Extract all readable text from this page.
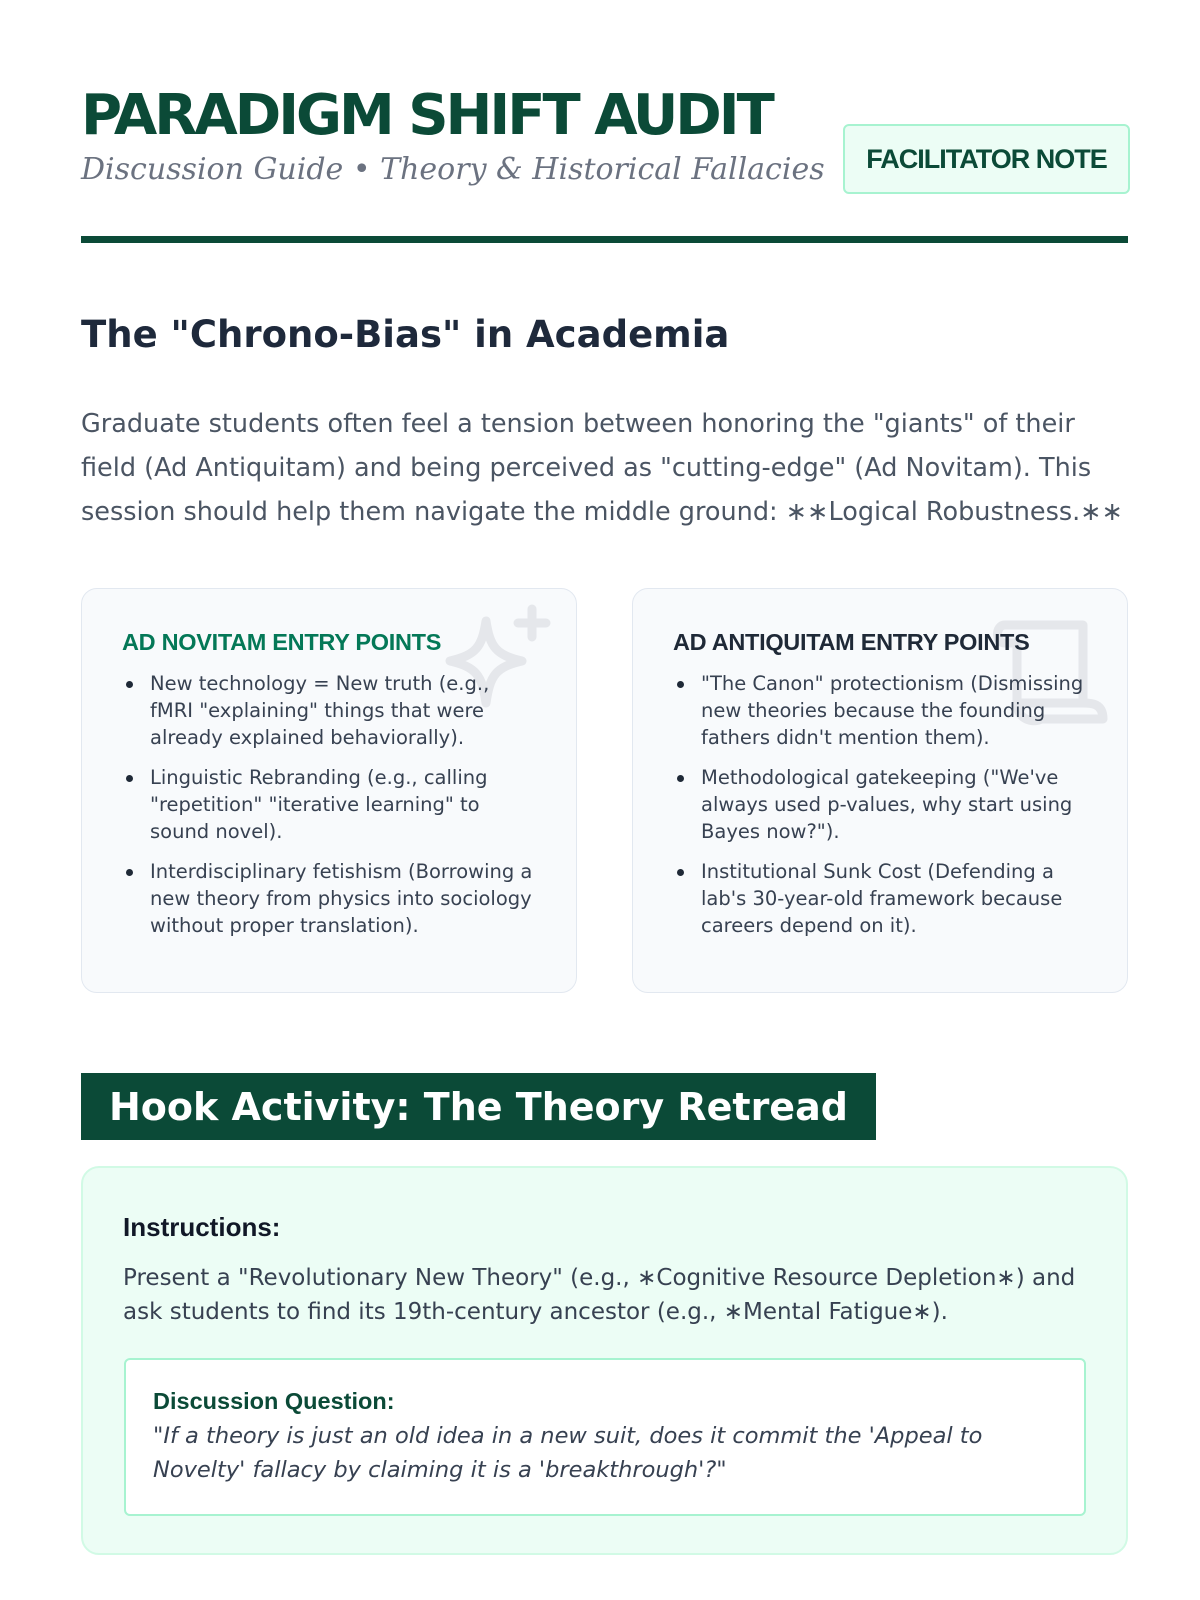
PARADIGM SHIFT AUDIT
Discussion Guide • Theory & Historical Fallacies	FACILITATOR NOTE
The "Chrono-Bias" in Academia

Graduate students often feel a tension between honoring the "giants" of their field (Ad Antiquitam) and being perceived as "cutting-edge" (Ad Novitam). This session should help them navigate the middle ground: ∗∗Logical Robustness.∗∗

AD NOVITAM ENTRY POINTS
New technology = New truth (e.g., fMRI "explaining" things that were already explained behaviorally).
Linguistic Rebranding (e.g., calling "repetition" "iterative learning" to sound novel).
Interdisciplinary fetishism (Borrowing a new theory from physics into sociology without proper translation).
AD ANTIQUITAM ENTRY POINTS
"The Canon" protectionism (Dismissing new theories because the founding fathers didn't mention them).
Methodological gatekeeping ("We've always used p-values, why start using Bayes now?").
Institutional Sunk Cost (Defending a lab's 30-year-old framework because careers depend on it).
Hook Activity: The Theory Retread
Instructions:

Present a "Revolutionary New Theory" (e.g., ∗Cognitive Resource Depletion∗) and ask students to find its 19th-century ancestor (e.g., ∗Mental Fatigue∗).

Discussion Question:

"If a theory is just an old idea in a new suit, does it commit the 'Appeal to Novelty' fallacy by claiming it is a 'breakthrough'?"
